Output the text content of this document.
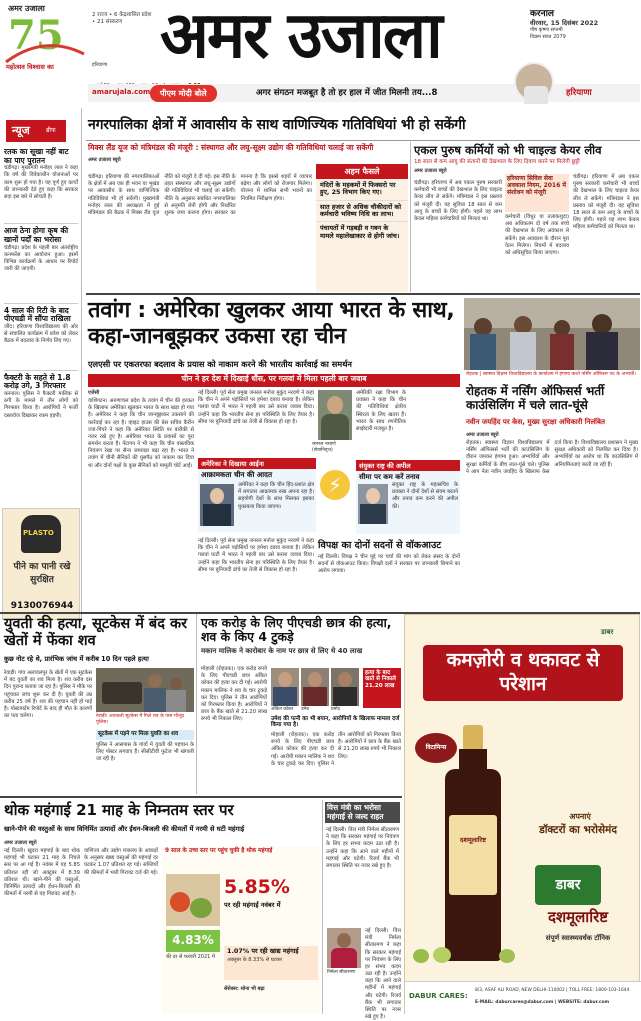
अमर उजाला
75
महोत्सव विश्वास का
2 राज्य • 6 केंद्रशासित प्रदेश • 21 संस्करण अमर उजाला	करनाल
वीरवार, 15 दिसंबर 2022
पौष कृष्णा सप्तमी
विक्रम संवत 2079
हरियाणा
amarujala.com	पीएम मोदी बोले	अगर संगठन मजबूत है तो हर हाल में जीत मिलनी तय...8	हरियाणा
न्यूज	ब्रीफ
रतक का सूखा नहीं बाट का पाए पुरातन
चंडीगढ़। मुख्यमंत्री मनोहर लाल ने कहा कि वर्ष की विवेकाधीन योजनाओं पर काम शुरू हो गया है। यह पूर्ण हुए कार्यों की जानकारी देते हुए कहा कि सरकार सदा इस बारे में सोचती है।
आज ठेना होगा कृष की खानों पर्दों का भरोसा
चंडीगढ़। प्रदेश के पहली बार अंतर्राष्ट्रीय कनफरेंस का आयोजन हुआ। इसमें विभिन्न कार्यक्रमों के आधार पर रिपोर्ट जारी की जाएगी।
4 साल की रिटी के बाद पीएचडी में सौंपा राखिला
जींद। हरियाणा विश्वविद्यालय की ओर से संचालित कार्यक्रम में प्रवेश को लेकर बैठक में बदलाव के निर्णय लिए गए।
फैक्टरी के सहते से 1.8 करोड़ उगे, 3 गिरफ्तार
करनाल। पुलिस ने फैक्टरी मालिक से ठगी के मामले में तीन लोगों को गिरफ्तार किया है। आरोपियों ने फर्जी दस्तावेज दिखाकर रकम हड़पी।
PLASTO
पीने का पानी रखे सुरक्षित
9130076944
नगरपालिका क्षेत्रों में आवासीय के साथ वाणिज्यिक गतिविधियां भी हो सकेंगी
मिक्स लैंड यूज को मंत्रिमंडल की मंजूरी : संस्थागत और लघु-सूक्ष्म उद्योग की गतिविधियां चलाई जा सकेंगी
अमर उजाला ब्यूरो
चंडीगढ़। हरियाणा की नगरपालिकाओं के क्षेत्रों में अब एक ही भवन या भूखंड पर आवासीय के साथ वाणिज्यिक गतिविधियां भी हो सकेंगी। मुख्यमंत्री मनोहर लाल की अध्यक्षता में हुई मंत्रिमंडल की बैठक में मिक्स लैंड यूज नीति को मंजूरी दे दी गई। इस नीति के तहत संस्थागत और लघु-सूक्ष्म उद्योगों की गतिविधियां भी चलाई जा सकेंगी। नीति के अनुसार संबंधित नगरपालिका से अनुमति लेनी होगी और निर्धारित शुल्क जमा कराना होगा। सरकार का मानना है कि इससे शहरों में व्यापार बढ़ेगा और लोगों को रोजगार मिलेगा। योजना में शामिल सभी भवनों का नियमित निरीक्षण होगा।
अहम फैसले
मंदिरों के महकमों में फिक्सरो पर हुए, 25 विभाग किए गए।
सात हजार से अधिक चौकीदारों को कर्मचारी भविष्य निधि का लाभ।
पंचायतों में गड़बड़ी व गबन के मामले महालेखाकार से होगी जांच।
एकल पुरुष कर्मियों को भी चाइल्ड केयर लीव
18 साल से कम आयु की संतानों की देखभाल के लिए दिवाय करने पर मिलेगी छुट्टी
अमर उजाला ब्यूरो
चंडीगढ़। हरियाणा में अब एकल पुरुष सरकारी कर्मचारी भी बच्चों की देखभाल के लिए चाइल्ड केयर लीव ले सकेंगे। मंत्रिमंडल ने इस प्रस्ताव को मंजूरी दी। यह सुविधा 18 साल से कम आयु के बच्चों के लिए होगी। पहले यह लाभ केवल महिला कर्मचारियों को मिलता था।
हरियाणा सिविल सेवा अवकाश नियम, 2016 में संशोधन को मंजूरी
कर्मचारी (विधुर या तलाकशुदा) अब अधिकतम दो वर्ष तक बच्चे की देखभाल के लिए अवकाश ले सकेंगे। इस अवकाश के दौरान पूरा वेतन मिलेगा। नियमों में बदलाव को अधिसूचित किया जाएगा।
चंडीगढ़। हरियाणा में अब एकल पुरुष सरकारी कर्मचारी भी बच्चों की देखभाल के लिए चाइल्ड केयर लीव ले सकेंगे। मंत्रिमंडल ने इस प्रस्ताव को मंजूरी दी। यह सुविधा 18 साल से कम आयु के बच्चों के लिए होगी। पहले यह लाभ केवल महिला कर्मचारियों को मिलता था।
तवांग : अमेरिका खुलकर आया भारत के साथ, कहा-जानबूझकर उकसा रहा चीन
एलएसी पर एकतरफा बदलाव के प्रयास को नाकाम करने की भारतीय कार्रवाई का समर्थन
चीन ने हर देश में दिखाई धौंस, पर गलवां में मिला पहली बार जवाब
एजेंसी
वाशिंगटन। अरुणाचल प्रदेश के तवांग में चीन की हरकत के खिलाफ अमेरिका खुलकर भारत के साथ खड़ा हो गया है। अमेरिका ने कहा कि चीन जानबूझकर उकसाने की कार्रवाई कर रहा है। व्हाइट हाउस की प्रेस सचिव कैरीन ज्यां-पियरे ने कहा कि अमेरिका स्थिति पर बारीकी से नजर रखे हुए है। अमेरिका भारत के प्रयासों का पूरा समर्थन करता है। पेंटागन ने भी कहा कि चीन वास्तविक नियंत्रण रेखा पर सैन्य जमावड़ा बढ़ा रहा है। भारत ने तवांग में चीनी सैनिकों की घुसपैठ को नाकाम कर दिया था और दोनों पक्षों के कुछ सैनिकों को मामूली चोटें आईं।
नई दिल्ली। पूर्व सेना प्रमुख जनरल मनोज मुकुंद नरवणे ने कहा कि चीन ने अपने पड़ोसियों पर हमेशा दबाव बनाया है। लेकिन गलवां घाटी में भारत ने पहली बार उसे करारा जवाब दिया। उन्होंने कहा कि भारतीय सेना हर परिस्थिति के लिए तैयार है। सीमा पर बुनियादी ढांचे का तेजी से विकास हो रहा है।
जनरल नरवणे (सेवानिवृत्त)
अमेरिकी रक्षा विभाग के प्रवक्ता ने कहा कि चीन की गतिविधियां क्षेत्रीय स्थिरता के लिए खतरा हैं। भारत के साथ रणनीतिक साझेदारी मजबूत है।
अमेरिका ने दिखाया आईना
आक्रामकता चीन की आदत
अमेरिका ने कहा कि चीन हिंद-प्रशांत क्षेत्र में लगातार आक्रामक रुख अपना रहा है। सहयोगी देशों के साथ मिलकर इसका मुकाबला किया जाएगा।
संयुक्त राष्ट्र की अपील
सीमा पर कम करें तनाव
संयुक्त राष्ट्र के महासचिव के प्रवक्ता ने दोनों देशों से संयम बरतने और तनाव कम करने की अपील की।
⚡
विपक्ष का दोनों सदनों से वॉकआउट
नई दिल्ली। विपक्ष ने चीन मुद्दे पर चर्चा की मांग को लेकर संसद के दोनों सदनों से वॉकआउट किया। विपक्षी दलों ने सरकार पर जानकारी छिपाने का आरोप लगाया।
नई दिल्ली। पूर्व सेना प्रमुख जनरल मनोज मुकुंद नरवणे ने कहा कि चीन ने अपने पड़ोसियों पर हमेशा दबाव बनाया है। लेकिन गलवां घाटी में भारत ने पहली बार उसे करारा जवाब दिया। उन्होंने कहा कि भारतीय सेना हर परिस्थिति के लिए तैयार है। सीमा पर बुनियादी ढांचे का तेजी से विकास हो रहा है।
रोहतक | स्वास्थ्य विज्ञान विश्वविद्यालय के कार्यालय में हंगामा करते नर्सिंग ऑफिसर पद के अभ्यर्थी।
रोहतक में नर्सिंग ऑफिसर्स भर्ती काउंसिलिंग में चले लात-घूंसे
नवीन जयहिंद पर केस, मुख्य सुरक्षा अधिकारी निलंबित
अमर उजाला ब्यूरो
रोहतक। स्वास्थ्य विज्ञान विश्वविद्यालय में नर्सिंग ऑफिसर्स भर्ती की काउंसिलिंग के दौरान जमकर हंगामा हुआ। अभ्यर्थियों और सुरक्षा कर्मियों के बीच लात-घूंसे चले। पुलिस ने आप नेता नवीन जयहिंद के खिलाफ केस दर्ज किया है। विश्वविद्यालय प्रशासन ने मुख्य सुरक्षा अधिकारी को निलंबित कर दिया है। अभ्यर्थियों का आरोप था कि काउंसिलिंग में अनियमितताएं बरती जा रही हैं।
युवती की हत्या, सूटकेस में बंद कर खेतों में फेंका शव
कुछ नोट रहे थे, प्रारंभिक जांच में करीब 10 दिन पहले हत्या
रेवाड़ी। गांव अलावलपुर के खेतों में एक सूटकेस में बंद युवती का शव मिला है। शव करीब दस दिन पुराना बताया जा रहा है। पुलिस ने मौके पर पहुंचकर जांच शुरू कर दी है। युवती की उम्र करीब 25 वर्ष है। शव की पहचान नहीं हो पाई है। पोस्टमार्टम रिपोर्ट के बाद ही मौत के कारणों का पता चलेगा।	रेवाड़ी। अधजली सूटकेस में मिले शव के पास मौजूद पुलिस।
सूटकेस में पड़ने पर मिला युवति का शव
पुलिस ने आसपास के गांवों में युवती की पहचान के लिए पोस्टर लगवाए हैं। सीसीटीवी फुटेज भी खंगाली जा रही है।
एक करोड़ के लिए पीएचडी छात्र की हत्या, शव के किए 4 टुकड़े
मकान मालिक ने कारोबार के नाम पर छात्र से लिए थे 40 लाख
मोहाली (रोहतक)। एक करोड़ रुपये के लिए पीएचडी छात्र अंकित कोकर की हत्या कर दी गई। आरोपी मकान मालिक ने शव के चार टुकड़े कर दिए। पुलिस ने तीन आरोपियों को गिरफ्तार किया है। आरोपियों ने छात्र के बैंक खाते से 21.20 लाख रुपये भी निकाल लिए।
अंकित कोकर	उमेश	प्रमोद
हत्या के बाद खाते से निकाले 21.20 लाख
उमेश की पत्नी का भी बयान, आरोपियों के खिलाफ मामला दर्ज किया गया है।
मोहाली (रोहतक)। एक करोड़ रुपये के लिए पीएचडी छात्र अंकित कोकर की हत्या कर दी गई। आरोपी मकान मालिक ने शव के चार टुकड़े कर दिए। पुलिस ने तीन आरोपियों को गिरफ्तार किया है। आरोपियों ने छात्र के बैंक खाते से 21.20 लाख रुपये भी निकाल लिए।
डाबर
कमज़ोरी व थकावट से परेशान
विटामिन्स
दशमूलारिष्ट
अपनाएं
डॉक्टरों का भरोसेमंद
डाबर
दशमूलारिष्ट
संपूर्ण स्वास्थ्यवर्धक टॉनिक
DABUR CARES:
8/3, ASAF ALI ROAD, NEW DELHI-110002 | TOLL FREE: 1800-103-1644
E-MAIL: daburcares@dabur.com | WEBSITE: dabur.com
थोक महंगाई 21 माह के निम्नतम स्तर पर
खाने-पीने की वस्तुओं के साथ विनिर्मित उत्पादों और ईंधन-बिजली की कीमतों में नरमी से घटी महंगाई
अमर उजाला ब्यूरो
नई दिल्ली। खुदरा महंगाई के बाद थोक महंगाई भी घटकर 21 माह के निचले स्तर पर आ गई है। नवंबर में यह 5.85 प्रतिशत रही जो अक्टूबर में 8.39 प्रतिशत थी। खाने-पीने की वस्तुओं, विनिर्मित उत्पादों और ईंधन-बिजली की कीमतों में नरमी से यह गिरावट आई है।
वाणिज्य और उद्योग मंत्रालय के आंकड़ों के अनुसार खाद्य वस्तुओं की महंगाई दर घटकर 1.07 प्रतिशत रह गई। सब्जियों की कीमतों में भारी गिरावट दर्ज की गई।
9 साल के उच्च स्तर पर पहुंच चुकी है थोक महंगाई
5.85%
पर रही महंगाई नवंबर में
4.83%
की दर से फरवरी 2021 में
1.07% पर रही खाद्य महंगाई
अक्तूबर के 8.33% से घटकर
सेंसेक्स: सोना भी बढ़ा
वित्त मंत्री का भरोसा महंगाई से जल्द राहत
नई दिल्ली। वित्त मंत्री निर्मला सीतारमण ने कहा कि सरकार महंगाई पर नियंत्रण के लिए हर संभव कदम उठा रही है। उन्होंने कहा कि आने वाले महीनों में महंगाई और घटेगी। रिजर्व बैंक भी लगातार स्थिति पर नजर रखे हुए है।
निर्मला सीतारमण
नई दिल्ली। वित्त मंत्री निर्मला सीतारमण ने कहा कि सरकार महंगाई पर नियंत्रण के लिए हर संभव कदम उठा रही है। उन्होंने कहा कि आने वाले महीनों में महंगाई और घटेगी। रिजर्व बैंक भी लगातार स्थिति पर नजर रखे हुए है।
